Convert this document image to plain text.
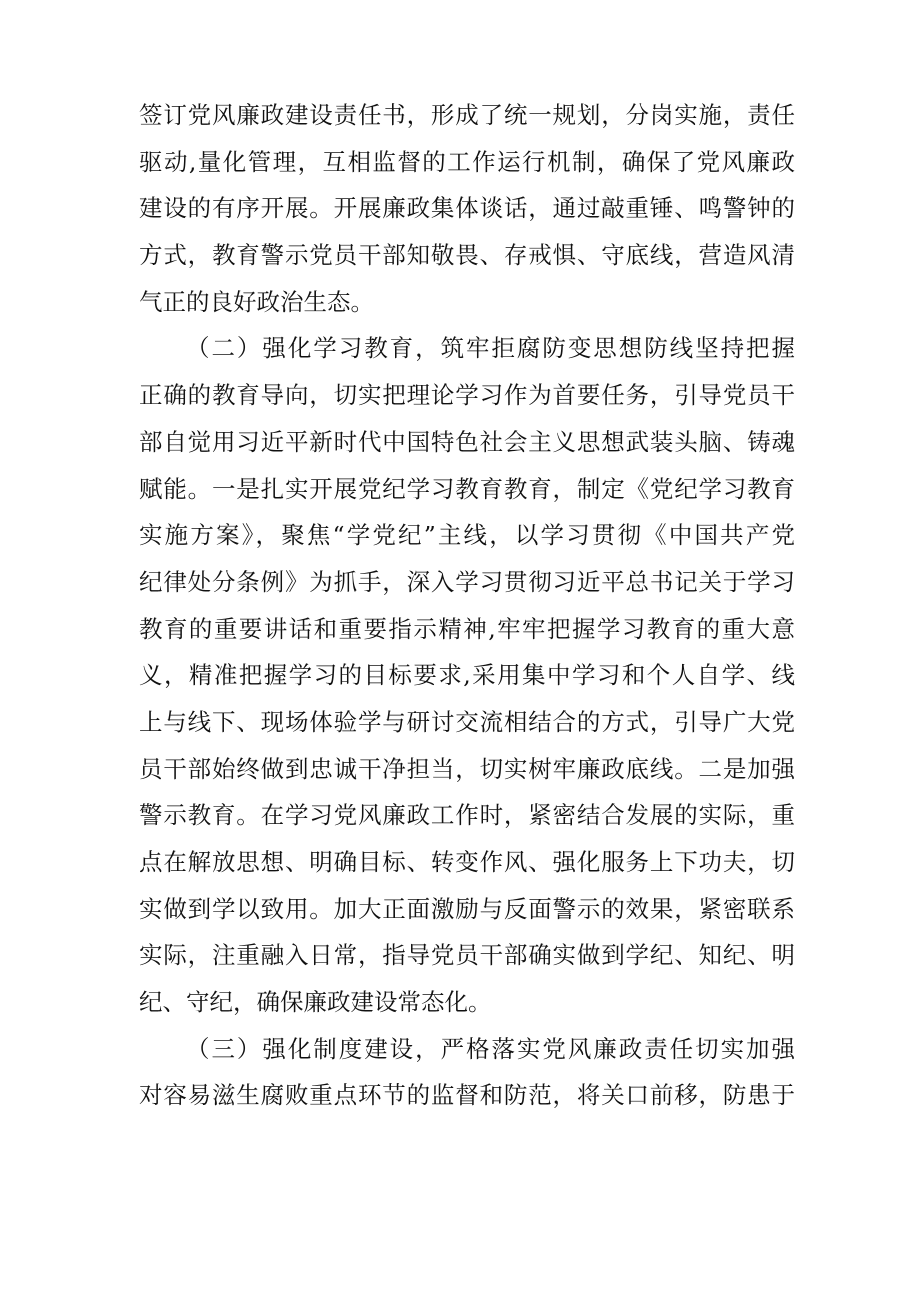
签订党风廉政建设责任书，形成了统一规划，分岗实施，责任
驱动,量化管理，互相监督的工作运行机制，确保了党风廉政
建设的有序开展。开展廉政集体谈话，通过敲重锤、鸣警钟的
方式，教育警示党员干部知敬畏、存戒惧、守底线，营造风清
气正的良好政治生态。
（二）强化学习教育，筑牢拒腐防变思想防线坚持把握
正确的教育导向，切实把理论学习作为首要任务，引导党员干
部自觉用习近平新时代中国特色社会主义思想武装头脑、铸魂
赋能。一是扎实开展党纪学习教育教育，制定《党纪学习教育
实施方案》，聚焦“学党纪”主线，以学习贯彻《中国共产党
纪律处分条例》为抓手，深入学习贯彻习近平总书记关于学习
教育的重要讲话和重要指示精神,牢牢把握学习教育的重大意
义，精准把握学习的目标要求,采用集中学习和个人自学、线
上与线下、现场体验学与研讨交流相结合的方式，引导广大党
员干部始终做到忠诚干净担当，切实树牢廉政底线。二是加强
警示教育。在学习党风廉政工作时，紧密结合发展的实际，重
点在解放思想、明确目标、转变作风、强化服务上下功夫，切
实做到学以致用。加大正面激励与反面警示的效果，紧密联系
实际，注重融入日常，指导党员干部确实做到学纪、知纪、明
纪、守纪，确保廉政建设常态化。
（三）强化制度建设，严格落实党风廉政责任切实加强
对容易滋生腐败重点环节的监督和防范，将关口前移，防患于
